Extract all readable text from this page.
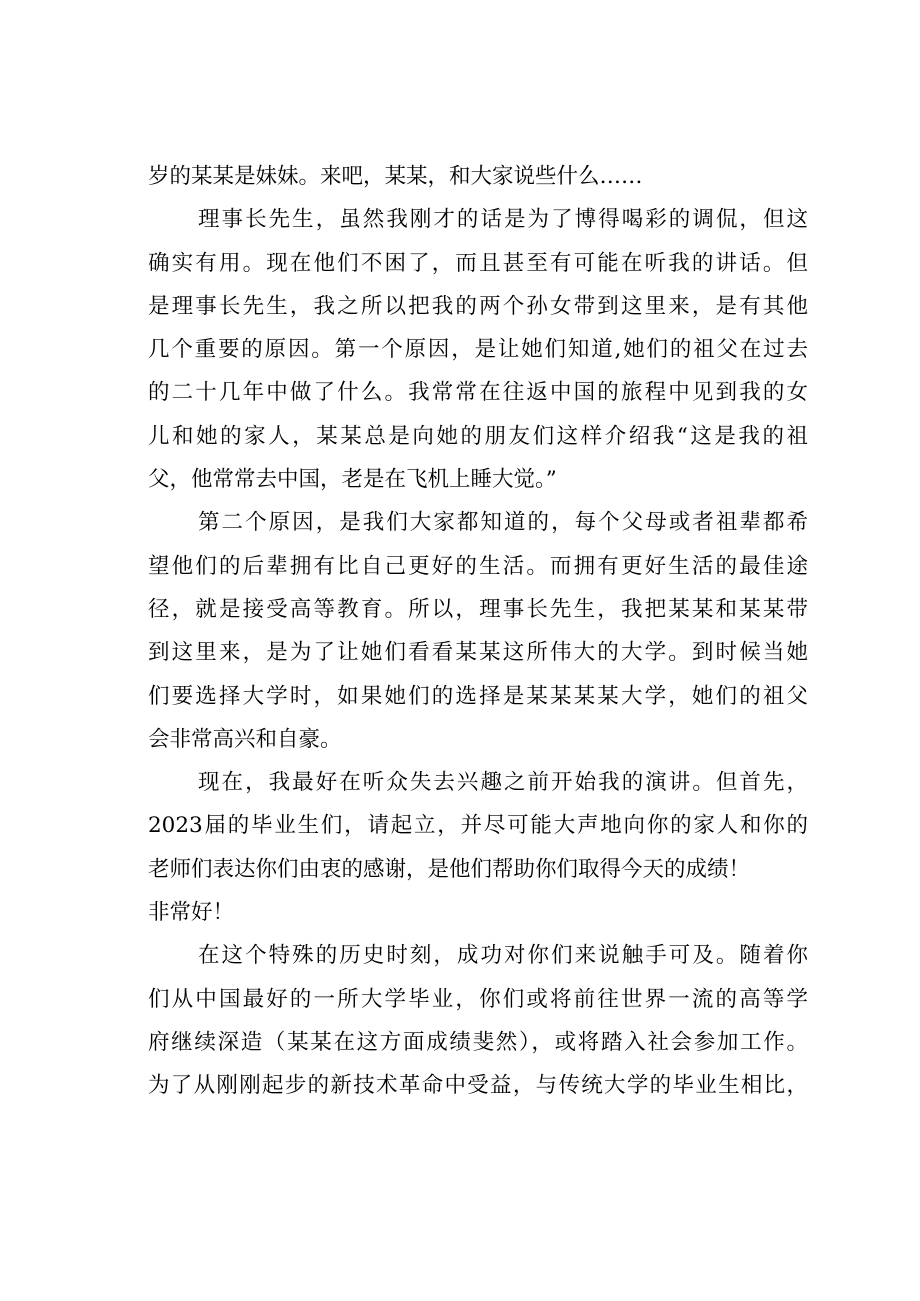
岁的某某是妹妹。来吧，某某，和大家说些什么……
理事长先生，虽然我刚才的话是为了博得喝彩的调侃，但这
确实有用。现在他们不困了，而且甚至有可能在听我的讲话。但
是理事长先生，我之所以把我的两个孙女带到这里来，是有其他
几个重要的原因。第一个原因，是让她们知道,她们的祖父在过去
的二十几年中做了什么。我常常在往返中国的旅程中见到我的女
儿和她的家人，某某总是向她的朋友们这样介绍我“这是我的祖
父，他常常去中国，老是在飞机上睡大觉。”
第二个原因，是我们大家都知道的，每个父母或者祖辈都希
望他们的后辈拥有比自己更好的生活。而拥有更好生活的最佳途
径，就是接受高等教育。所以，理事长先生，我把某某和某某带
到这里来，是为了让她们看看某某这所伟大的大学。到时候当她
们要选择大学时，如果她们的选择是某某某某大学，她们的祖父
会非常高兴和自豪。
现在，我最好在听众失去兴趣之前开始我的演讲。但首先，
2023届的毕业生们，请起立，并尽可能大声地向你的家人和你的
老师们表达你们由衷的感谢，是他们帮助你们取得今天的成绩！
非常好！
在这个特殊的历史时刻，成功对你们来说触手可及。随着你
们从中国最好的一所大学毕业，你们或将前往世界一流的高等学
府继续深造（某某在这方面成绩斐然），或将踏入社会参加工作。
为了从刚刚起步的新技术革命中受益，与传统大学的毕业生相比，
